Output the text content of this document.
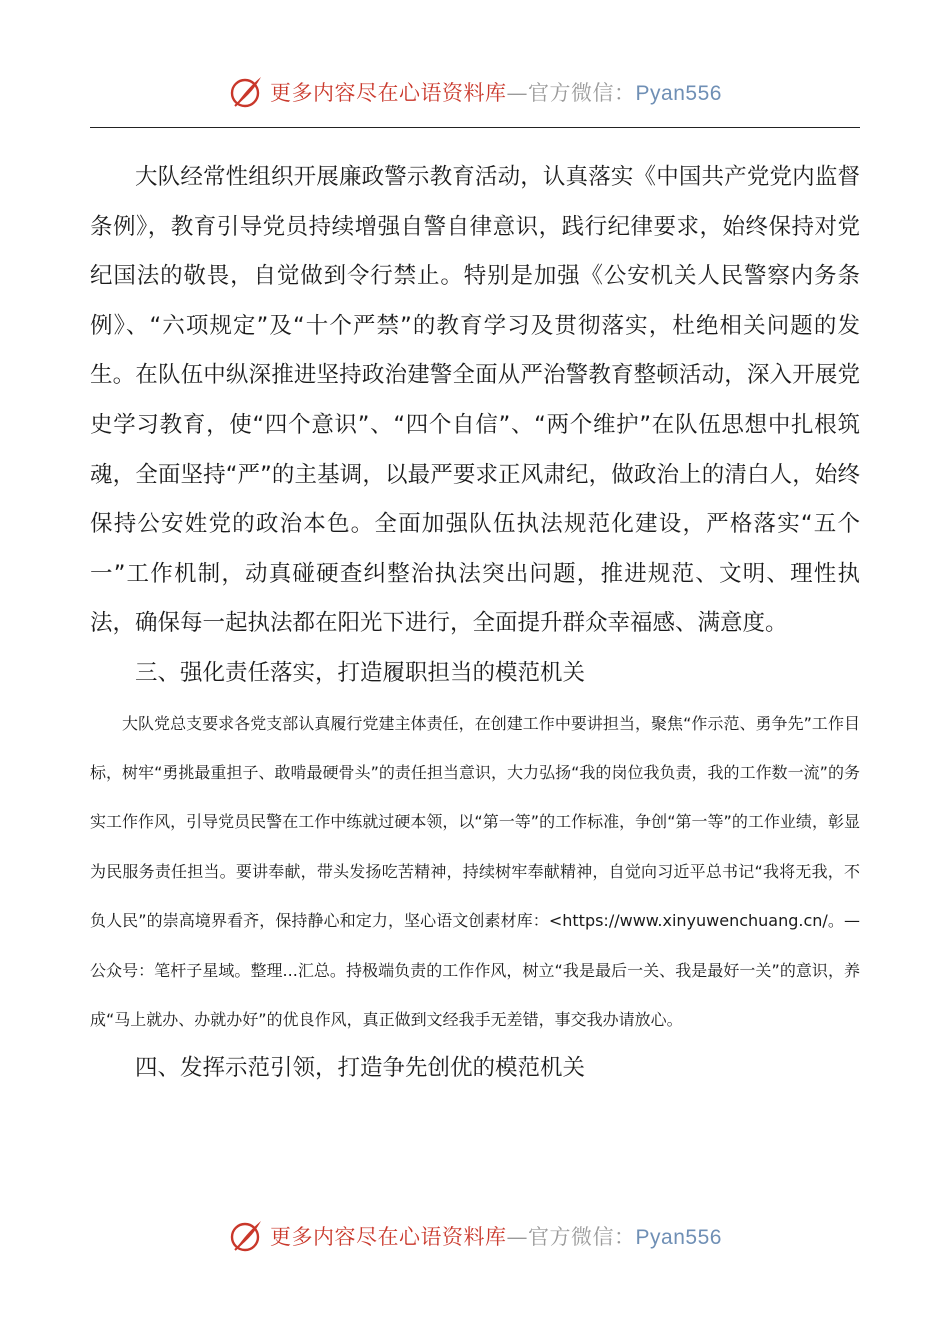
更多内容尽在心语资料库—官方微信：Pyan556

大队经常性组织开展廉政警示教育活动，认真落实《中国共产党党内监督条例》，教育引导党员持续增强自警自律意识，践行纪律要求，始终保持对党纪国法的敬畏，自觉做到令行禁止。特别是加强《公安机关人民警察内务条例》、“六项规定”及“十个严禁”的教育学习及贯彻落实，杜绝相关问题的发生。在队伍中纵深推进坚持政治建警全面从严治警教育整顿活动，深入开展党史学习教育，使“四个意识”、“四个自信”、“两个维护”在队伍思想中扎根筑魂，全面坚持“严”的主基调，以最严要求正风肃纪，做政治上的清白人，始终保持公安姓党的政治本色。全面加强队伍执法规范化建设，严格落实“五个一”工作机制，动真碰硬查纠整治执法突出问题，推进规范、文明、理性执法，确保每一起执法都在阳光下进行，全面提升群众幸福感、满意度。

三、强化责任落实，打造履职担当的模范机关

大队党总支要求各党支部认真履行党建主体责任，在创建工作中要讲担当，聚焦“作示范、勇争先”工作目标，树牢“勇挑最重担子、敢啃最硬骨头”的责任担当意识，大力弘扬“我的岗位我负责，我的工作数一流”的务实工作作风，引导党员民警在工作中练就过硬本领，以“第一等”的工作标准，争创“第一等”的工作业绩，彰显为民服务责任担当。要讲奉献，带头发扬吃苦精神，持续树牢奉献精神，自觉向习近平总书记“我将无我，不负人民”的崇高境界看齐，保持静心和定力，坚心语文创素材库：<https://www.xinyuwenchuang.cn/。—公众号：笔杆子星域。整理...汇总。持极端负责的工作作风，树立“我是最后一关、我是最好一关”的意识，养成“马上就办、办就办好”的优良作风，真正做到文经我手无差错，事交我办请放心。

四、发挥示范引领，打造争先创优的模范机关

更多内容尽在心语资料库—官方微信：Pyan556
